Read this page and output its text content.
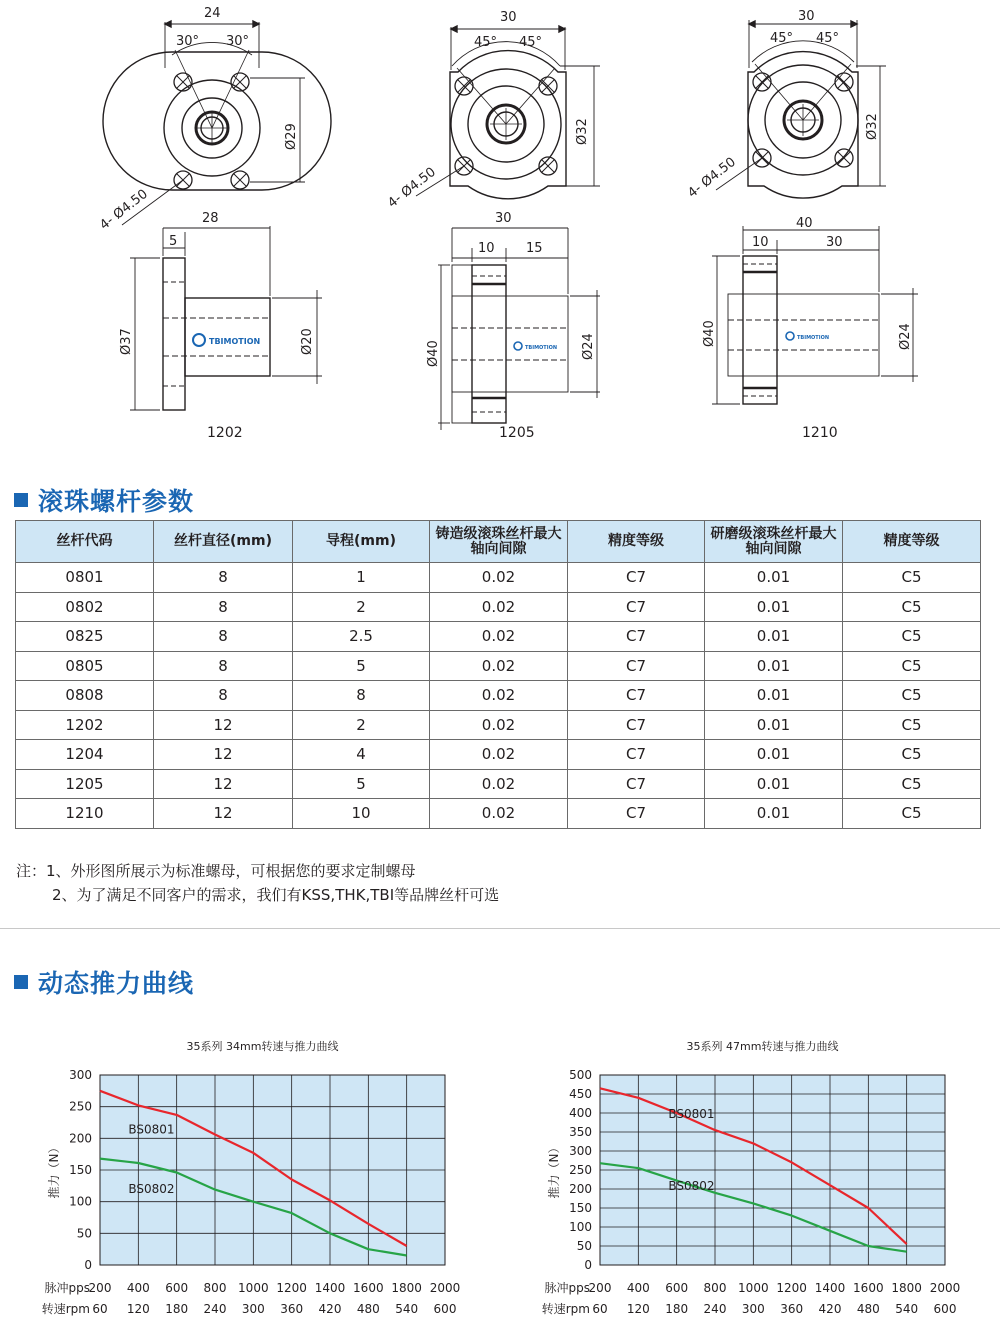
24
30° 30°
Ø29
4- Ø4.50	28
5
Ø37	Ø20
TBIMOTION
1202
30
45° 45°
Ø32
4- Ø4.50
30
10 15
Ø40	Ø24
TBIMOTION
1205
30
45° 45°
Ø32
4- Ø4.50
40
10	30
Ø40	Ø24
TBIMOTION
1210
滚珠螺杆参数
丝杆代码	丝杆直径(mm)	导程(mm)	铸造级滚珠丝杆最大轴向间隙	精度等级	研磨级滚珠丝杆最大轴向间隙	精度等级
0801	8	1	0.02	C7	0.01	C5
0802	8	2	0.02	C7	0.01	C5
0825	8	2.5	0.02	C7	0.01	C5
0805	8	5	0.02	C7	0.01	C5
0808	8	8	0.02	C7	0.01	C5
1202	12	2	0.02	C7	0.01	C5
1204	12	4	0.02	C7	0.01	C5
1205	12	5	0.02	C7	0.01	C5
1210	12	10	0.02	C7	0.01	C5
注：1、外形图所展示为标准螺母，可根据您的要求定制螺母
2、为了满足不同客户的需求，我们有KSS,THK,TBI等品牌丝杆可选
动态推力曲线
35系列 34mm转速与推力曲线
200
60
400
120
600
180
800
240
1000
300
1200
360
1400
420
1600
480
1800
540
2000
600
0
50
100
150
200
250
300
脉冲pps
转速rpm
推力（N）
BS0801
BS0802
35系列 47mm转速与推力曲线
200
60
400
120
600
180
800
240
1000
300
1200
360
1400
420
1600
480
1800
540
2000
600
0
50
100
150
200
250
300
350
400
450
500
脉冲pps
转速rpm
推力（N）
BS0801
BS0802
